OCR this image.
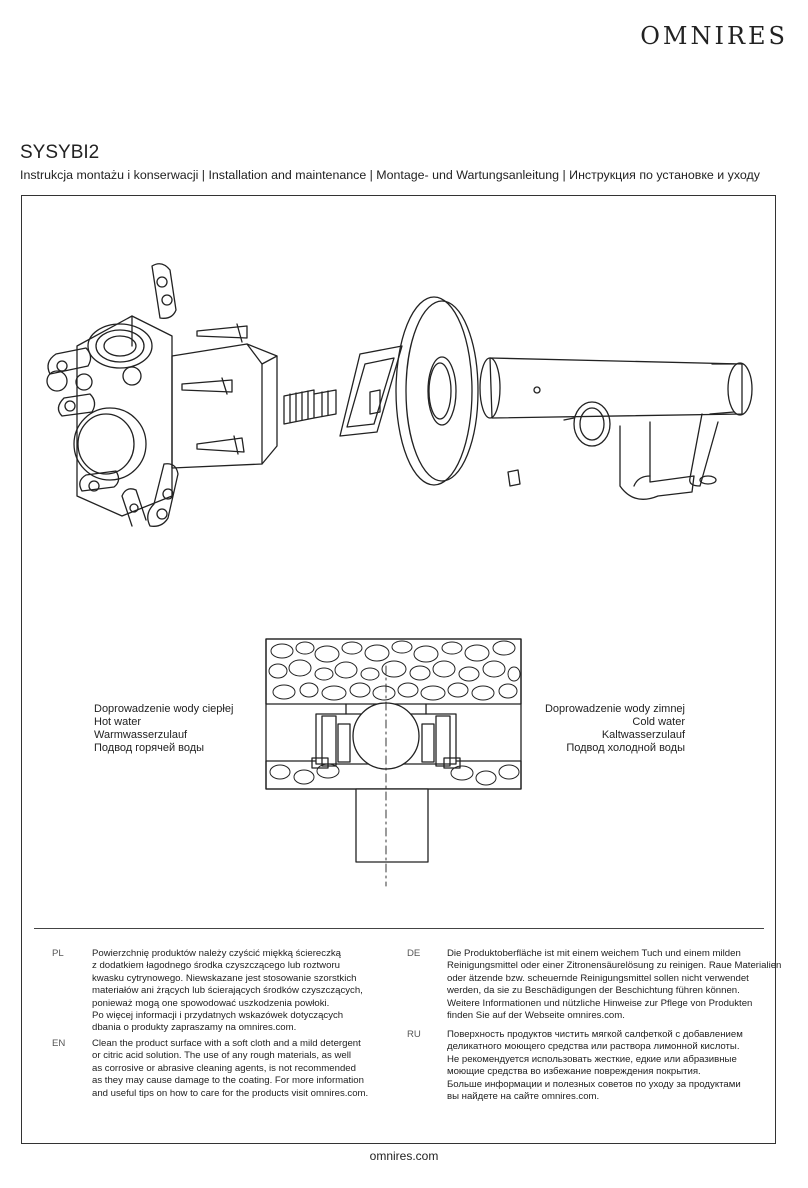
OMNIRES
SYSYBI2
Instrukcja montażu i konserwacji | Installation and maintenance | Montage- und Wartungsanleitung | Инструкция по установке и уходу
Doprowadzenie wody ciepłej
Hot water
Warmwasserzulauf
Подвод горячей воды
Doprowadzenie wody zimnej
Cold water
Kaltwasserzulauf
Подвод холодной воды
PL	Powierzchnię produktów należy czyścić miękką ściereczką
z dodatkiem łagodnego środka czyszczącego lub roztworu
kwasku cytrynowego. Niewskazane jest stosowanie szorstkich
materiałów ani żrących lub ścierających środków czyszczących,
ponieważ mogą one spowodować uszkodzenia powłoki.
Po więcej informacji i przydatnych wskazówek dotyczących
dbania o produkty zapraszamy na omnires.com.
EN	Clean the product surface with a soft cloth and a mild detergent
or citric acid solution. The use of any rough materials, as well
as corrosive or abrasive cleaning agents, is not recommended
as they may cause damage to the coating. For more information
and useful tips on how to care for the products visit omnires.com.
DE	Die Produktoberfläche ist mit einem weichem Tuch und einem milden
Reinigungsmittel oder einer Zitronensäurelösung zu reinigen. Raue Materialien
oder ätzende bzw. scheuernde Reinigungsmittel sollen nicht verwendet
werden, da sie zu Beschädigungen der Beschichtung führen können.
Weitere Informationen und nützliche Hinweise zur Pflege von Produkten
finden Sie auf der Webseite omnires.com.
RU	Поверхность продуктов чистить мягкой салфеткой с добавлением
деликатного моющего средства или раствора лимонной кислоты.
Не рекомендуется использовать жесткие, едкие или абразивные
моющие средства во избежание повреждения покрытия.
Больше информации и полезных советов по уходу за продуктами
вы найдете на сайте omnires.com.
omnires.com
